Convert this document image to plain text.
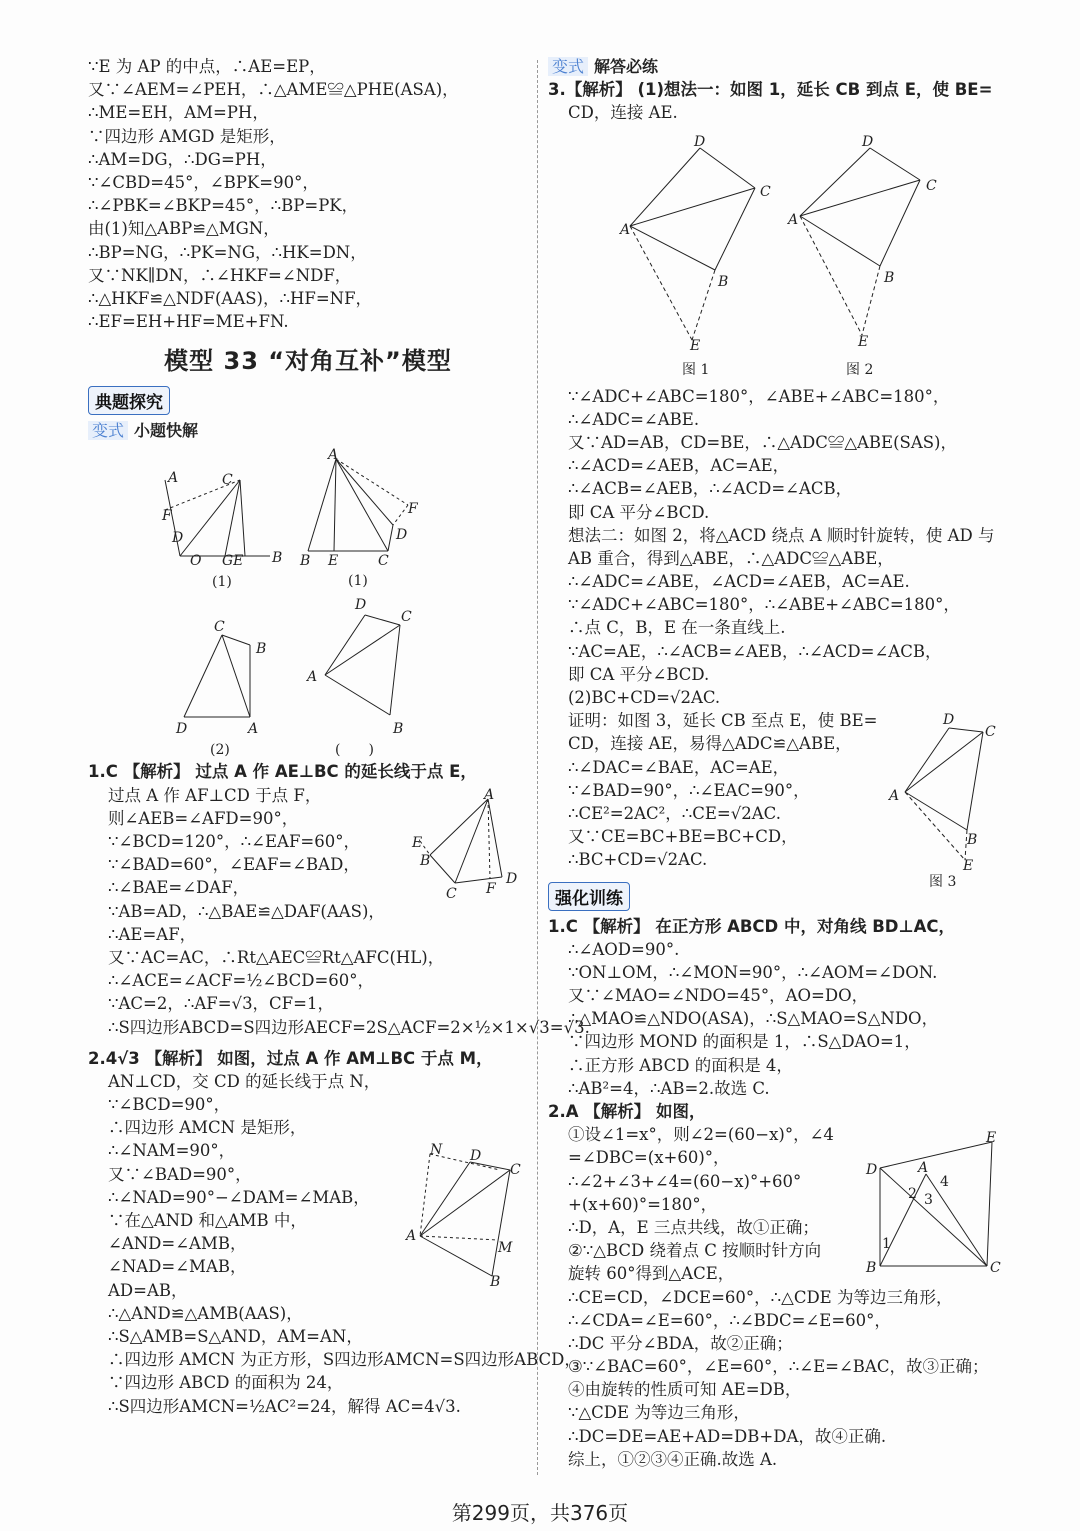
∵E 为 AP 的中点，∴AE=EP，
又∵∠AEM=∠PEH，∴△AME≌△PHE(ASA)，
∴ME=EH，AM=PH，
∵四边形 AMGD 是矩形，
∴AM=DG，∴DG=PH，
∵∠CBD=45°，∠BPK=90°，
∴∠PBK=∠BKP=45°，∴BP=PK，
由(1)知△ABP≌△MGN，
∴BP=NG，∴PK=NG，∴HK=DN，
又∵NK∥DN，∴∠HKF=∠NDF，
∴△HKF≌△NDF(AAS)，∴HF=NF，
∴EF=EH+HF=ME+FN.
模型 33 “对角互补”模型
典题探究
变式 小题快解
1.C 【解析】 过点 A 作 AE⊥BC 的延长线于点 E，
过点 A 作 AF⊥CD 于点 F，
则∠AEB=∠AFD=90°，
∵∠BCD=120°，∴∠EAF=60°，
∵∠BAD=60°，∠EAF=∠BAD，
∴∠BAE=∠DAF，
∵AB=AD，∴△BAE≌△DAF(AAS)，
∴AE=AF，
又∵AC=AC，∴Rt△AEC≌Rt△AFC(HL)，
∴∠ACE=∠ACF=½∠BCD=60°，
∵AC=2，∴AF=√3，CF=1，
∴S四边形ABCD=S四边形AECF=2S△ACF=2×½×1×√3=√3.
2.4√3 【解析】 如图，过点 A 作 AM⊥BC 于点 M，
AN⊥CD，交 CD 的延长线于点 N，
∵∠BCD=90°，
∴四边形 AMCN 是矩形，
∴∠NAM=90°，
又∵∠BAD=90°，
∴∠NAD=90°−∠DAM=∠MAB，
∵在△AND 和△AMB 中，
∠AND=∠AMB，
∠NAD=∠MAB，
AD=AB，
∴△AND≌△AMB(AAS)，
∴S△AMB=S△AND，AM=AN，
∴四边形 AMCN 为正方形，S四边形AMCN=S四边形ABCD，
∵四边形 ABCD 的面积为 24，
∴S四边形AMCN=½AC²=24，解得 AC=4√3.
变式 解答必练
3.【解析】 (1)想法一：如图 1，延长 CB 到点 E，使 BE=
CD，连接 AE.
∵∠ADC+∠ABC=180°，∠ABE+∠ABC=180°，
∴∠ADC=∠ABE.
又∵AD=AB，CD=BE，∴△ADC≌△ABE(SAS)，
∴∠ACD=∠AEB，AC=AE，
∴∠ACB=∠AEB，∴∠ACD=∠ACB，
即 CA 平分∠BCD.
想法二：如图 2，将△ACD 绕点 A 顺时针旋转，使 AD 与
AB 重合，得到△ABE，∴△ADC≌△ABE，
∴∠ADC=∠ABE，∠ACD=∠AEB，AC=AE.
∵∠ADC+∠ABC=180°，∴∠ABE+∠ABC=180°，
∴点 C，B，E 在一条直线上.
∵AC=AE，∴∠ACB=∠AEB，∴∠ACD=∠ACB，
即 CA 平分∠BCD.
(2)BC+CD=√2AC.
证明：如图 3，延长 CB 至点 E，使 BE=
CD，连接 AE，易得△ADC≌△ABE，
∴∠DAC=∠BAE，AC=AE，
∵∠BAD=90°，∴∠EAC=90°，
∴CE²=2AC²，∴CE=√2AC.
又∵CE=BC+BE=BC+CD，
∴BC+CD=√2AC.
强化训练
1.C 【解析】 在正方形 ABCD 中，对角线 BD⊥AC，
∴∠AOD=90°.
∵ON⊥OM，∴∠MON=90°，∴∠AOM=∠DON.
又∵∠MAO=∠NDO=45°，AO=DO，
∴△MAO≌△NDO(ASA)，∴S△MAO=S△NDO，
∵四边形 MOND 的面积是 1，∴S△DAO=1，
∴正方形 ABCD 的面积是 4，
∴AB²=4，∴AB=2.故选 C.
2.A 【解析】 如图，
①设∠1=x°，则∠2=(60−x)°，∠4
=∠DBC=(x+60)°，
∴∠2+∠3+∠4=(60−x)°+60°
+(x+60)°=180°，
∴D，A，E 三点共线，故①正确；
②∵△BCD 绕着点 C 按顺时针方向
旋转 60°得到△ACE，
∴CE=CD，∠DCE=60°，∴△CDE 为等边三角形，
∴∠CDA=∠E=60°，∴∠BDC=∠E=60°，
∴DC 平分∠BDA，故②正确；
③∵∠BAC=60°，∠E=60°，∴∠E=∠BAC，故③正确；
④由旋转的性质可知 AE=DB，
∵△CDE 为等边三角形，
∴DC=DE=AE+AD=DB+DA，故④正确.
综上，①②③④正确.故选 A.
A	C
F
D
O GE B
(1)
A
F
D
B E	C
(1)
C
B
D	A
(2)
D
C
A
B
(　　)
A
E
B
C F
D
N D
C
A
M
B
D
C
A
B
E
图 1
D
C
A
B
E
图 2
D
C
A
B
E
图 3
E
A
D
B	C
1
2 3
4
第299页，共376页
